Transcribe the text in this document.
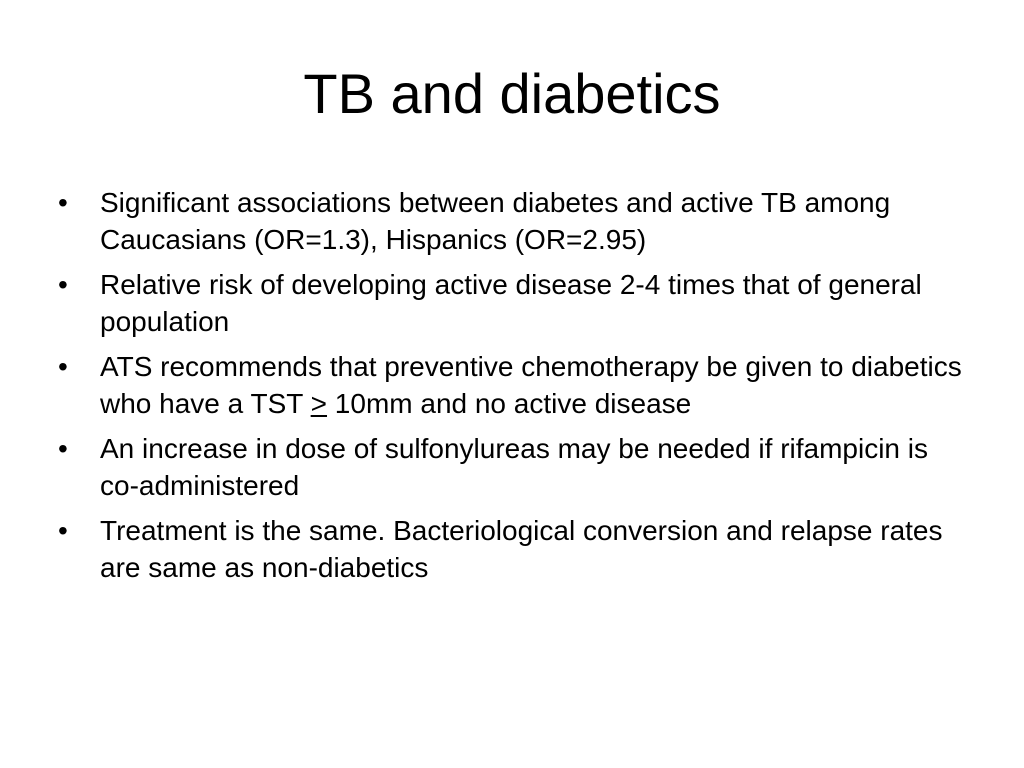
TB and diabetics
•	Significant associations between diabetes and active TB among Caucasians (OR=1.3), Hispanics (OR=2.95)
•	Relative risk of developing active disease 2-4 times that of general population
•	ATS recommends that preventive chemotherapy be given to diabetics who have a TST ≥ 10mm and no active disease
•	An increase in dose of sulfonylureas may be needed if rifampicin is co-administered
•	Treatment is the same. Bacteriological conversion and relapse rates are same as non-diabetics
